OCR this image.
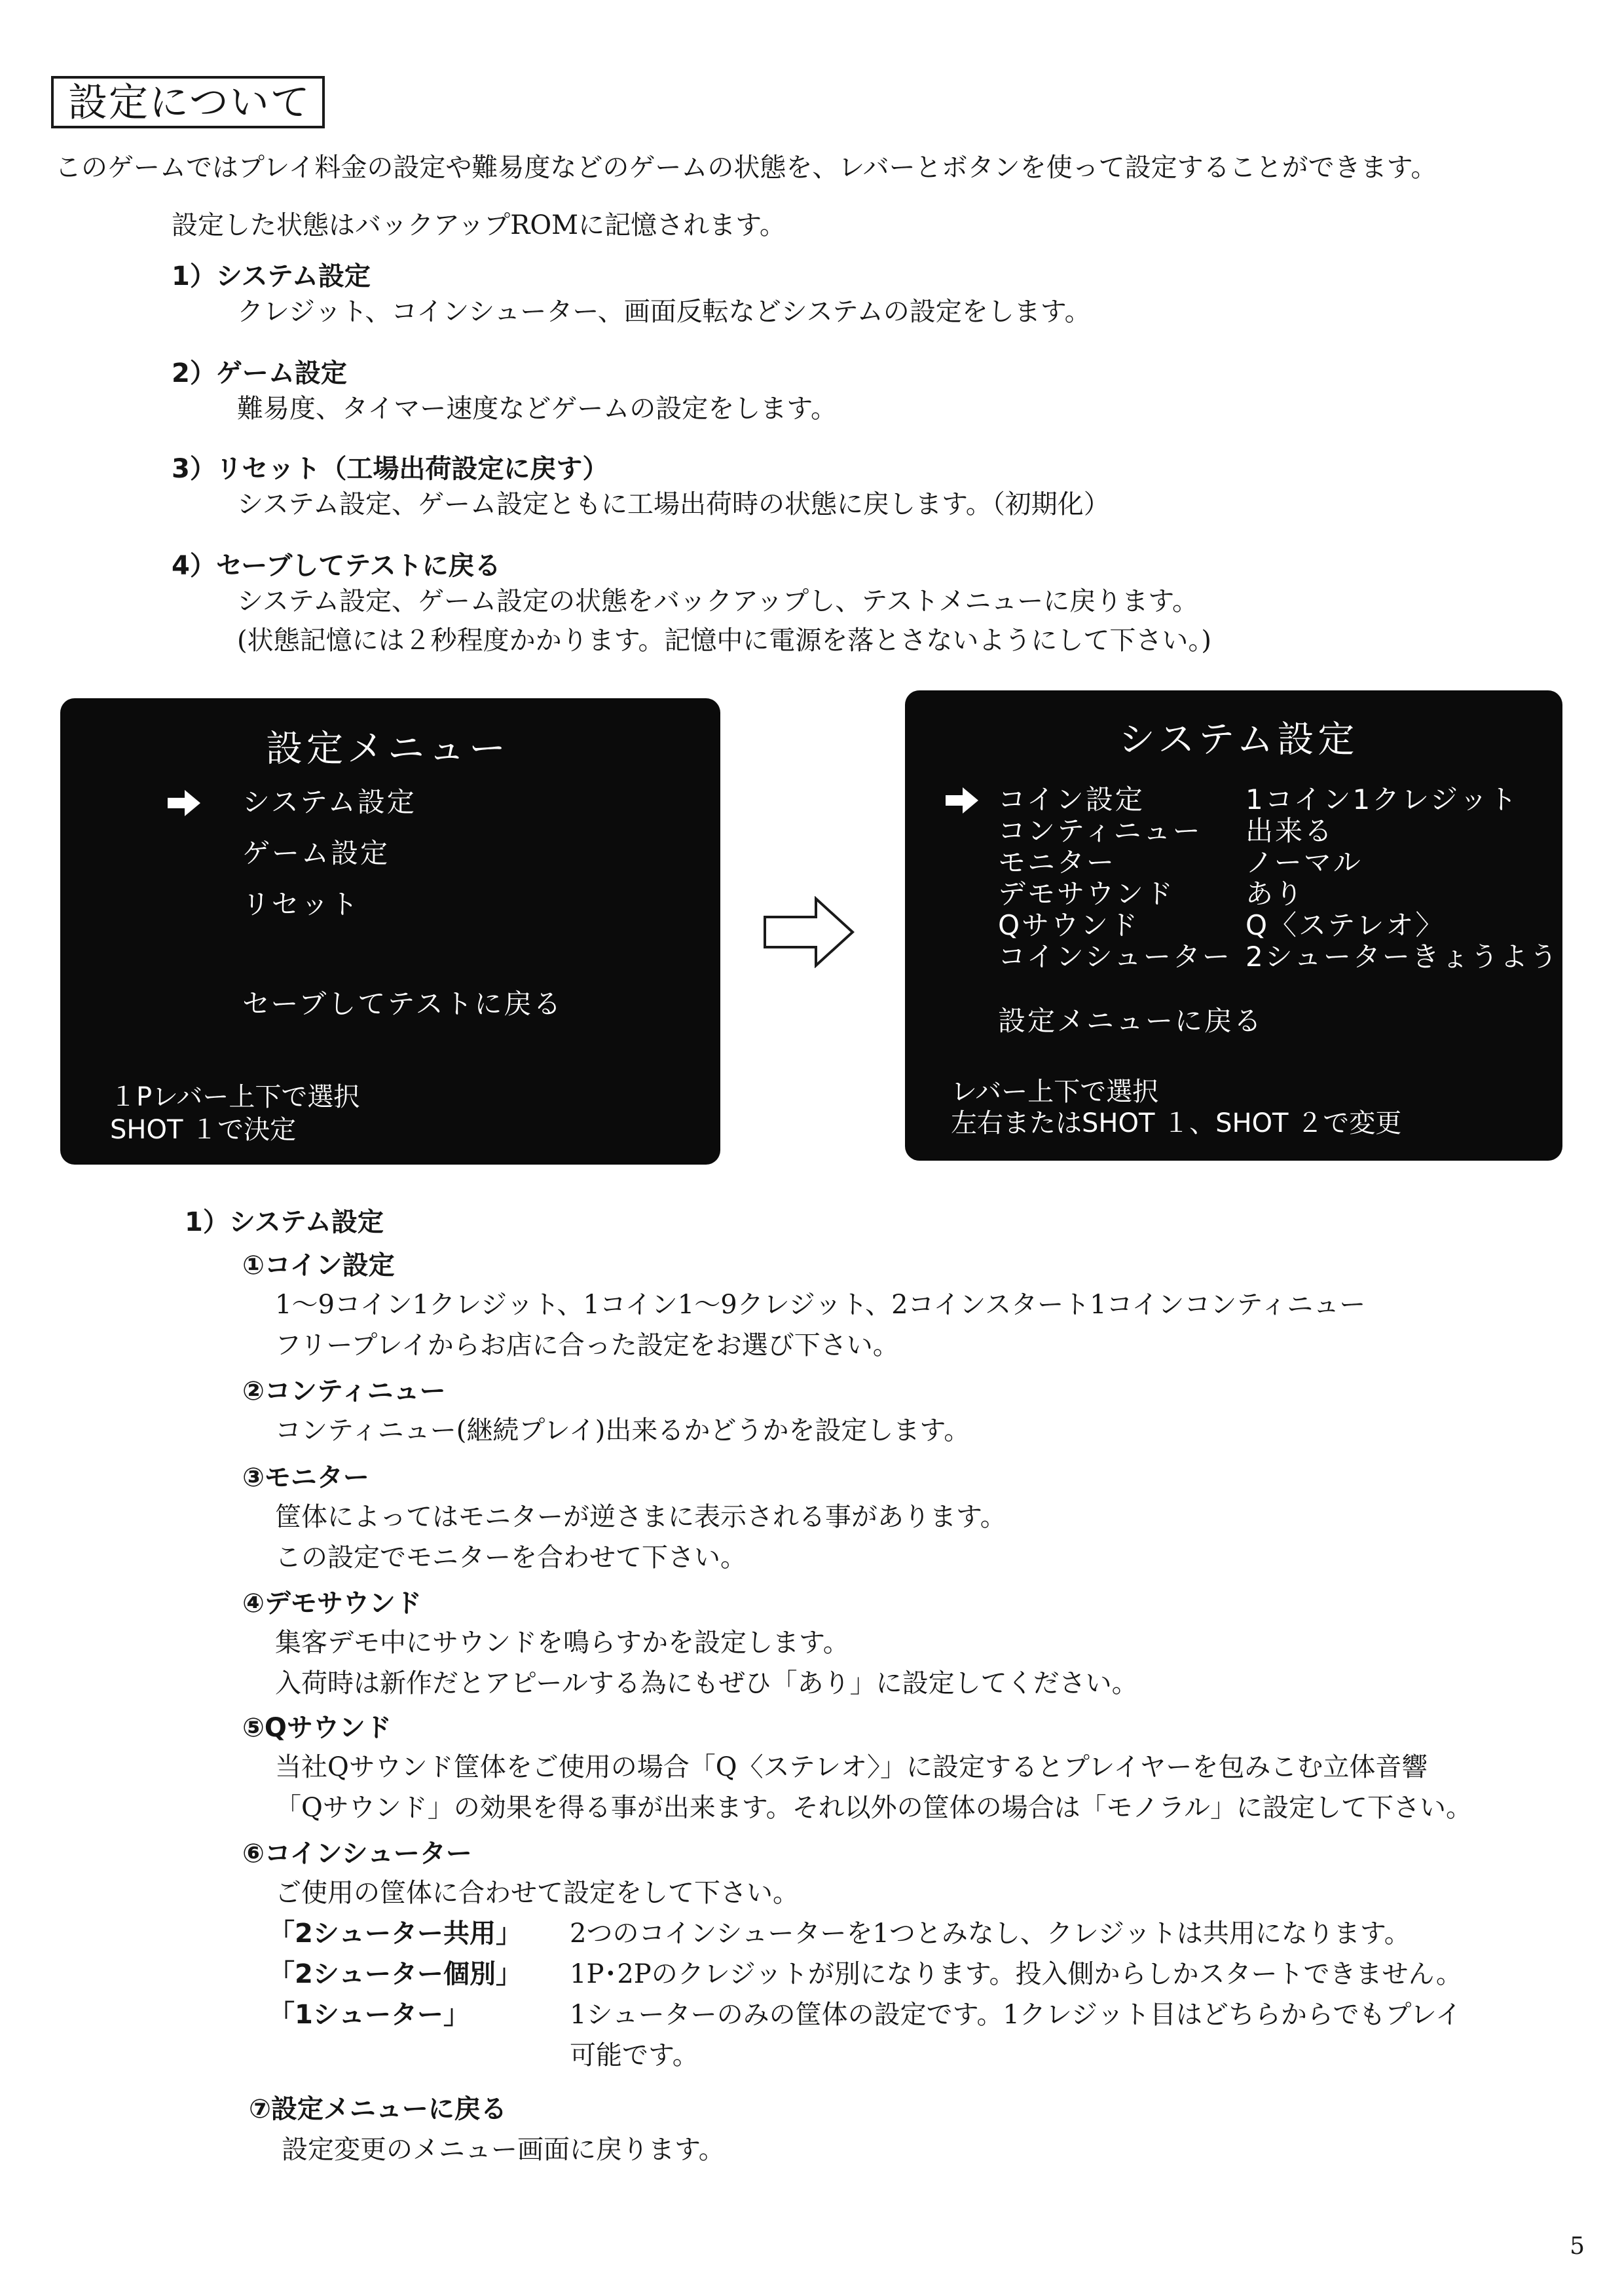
設定について
このゲームではプレイ料金の設定や難易度などのゲームの状態を、レバーとボタンを使って設定することができます。
設定した状態はバックアップROMに記憶されます。
1）システム設定
クレジット、コインシューター、画面反転などシステムの設定をします。
2）ゲーム設定
難易度、タイマー速度などゲームの設定をします。
3）リセット（工場出荷設定に戻す）
システム設定、ゲーム設定ともに工場出荷時の状態に戻します。（初期化）
4）セーブしてテストに戻る
システム設定、ゲーム設定の状態をバックアップし、テストメニューに戻ります。
(状態記憶には２秒程度かかります。記憶中に電源を落とさないようにして下さい。)
設定メニュー
システム設定
ゲーム設定
リセット
セーブしてテストに戻る
１Pレバー上下で選択
SHOT １で決定
システム設定
コイン設定	1コイン1クレジット
コンティニュー 出来る
モニター	ノーマル
デモサウンド	あり
Qサウンド	Q〈ステレオ〉
コインシューター 2シューターきょうよう
設定メニューに戻る
レバー上下で選択
左右またはSHOT １、SHOT ２で変更
1）システム設定
①コイン設定
1～9コイン1クレジット、1コイン1～9クレジット、2コインスタート1コインコンティニュー
フリープレイからお店に合った設定をお選び下さい。
②コンティニュー
コンティニュー(継続プレイ)出来るかどうかを設定します。
③モニター
筐体によってはモニターが逆さまに表示される事があります。
この設定でモニターを合わせて下さい。
④デモサウンド
集客デモ中にサウンドを鳴らすかを設定します。
入荷時は新作だとアピールする為にもぜひ「あり」に設定してください。
⑤Qサウンド
当社Qサウンド筐体をご使用の場合「Q〈ステレオ〉」に設定するとプレイヤーを包みこむ立体音響
「Qサウンド」の効果を得る事が出来ます。それ以外の筐体の場合は「モノラル」に設定して下さい。
⑥コインシューター
ご使用の筐体に合わせて設定をして下さい。
「2シューター共用」 2つのコインシューターを1つとみなし、クレジットは共用になります。
「2シューター個別」 1P･2Pのクレジットが別になります。投入側からしかスタートできません。
「1シューター」	1シューターのみの筐体の設定です。1クレジット目はどちらからでもプレイ
可能です。
⑦設定メニューに戻る
設定変更のメニュー画面に戻ります。
5
